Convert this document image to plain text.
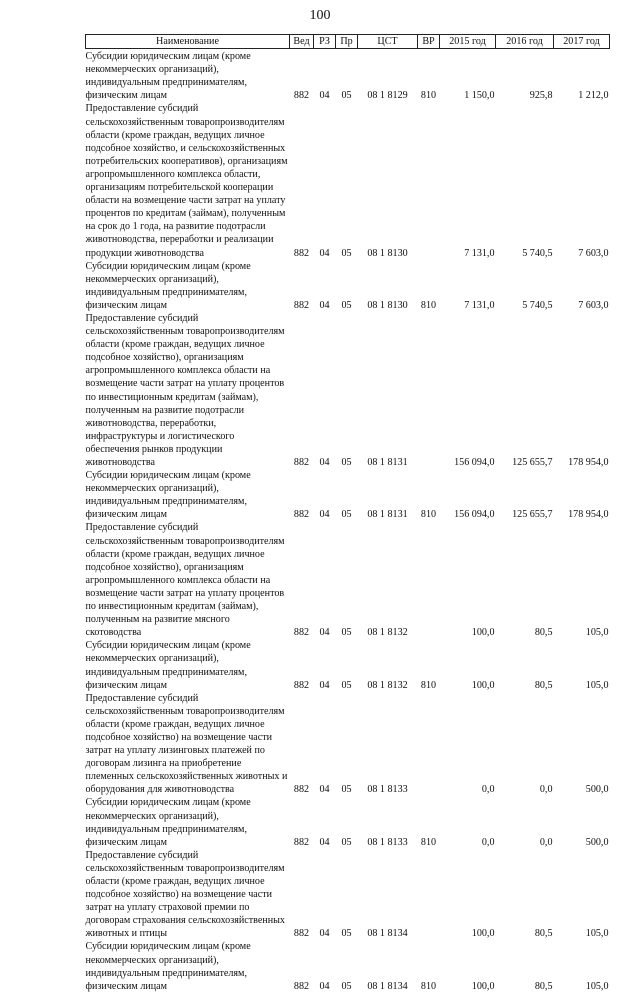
100
Наименование	Вед	РЗ	Пр	ЦСТ	ВР	2015 год	2016 год	2017 год
Субсидии юридическим лицам (кроме некоммерческих организаций), индивидуальным предпринимателям, физическим лицам	882	04	05	08 1 8129	810	1 150,0	925,8	1 212,0
Предоставление субсидий сельскохозяйственным товаропроизводителям области (кроме граждан, ведущих личное подсобное хозяйство, и сельскохозяйственных потребительских кооперативов), организациям агропромышленного комплекса области, организациям потребительской кооперации области на возмещение части затрат на уплату процентов по кредитам (займам), полученным на срок до 1 года, на развитие подотрасли животноводства, переработки и реализации продукции животноводства	882	04	05	08 1 8130		7 131,0	5 740,5	7 603,0
Субсидии юридическим лицам (кроме некоммерческих организаций), индивидуальным предпринимателям, физическим лицам	882	04	05	08 1 8130	810	7 131,0	5 740,5	7 603,0
Предоставление субсидий сельскохозяйственным товаропроизводителям области (кроме граждан, ведущих личное подсобное хозяйство), организациям агропромышленного комплекса области на возмещение части затрат на уплату процентов по инвестиционным кредитам (займам), полученным на развитие подотрасли животноводства, переработки, инфраструктуры и логистического обеспечения рынков продукции животноводства	882	04	05	08 1 8131		156 094,0	125 655,7	178 954,0
Субсидии юридическим лицам (кроме некоммерческих организаций), индивидуальным предпринимателям, физическим лицам	882	04	05	08 1 8131	810	156 094,0	125 655,7	178 954,0
Предоставление субсидий сельскохозяйственным товаропроизводителям области (кроме граждан, ведущих личное подсобное хозяйство), организациям агропромышленного комплекса области на возмещение части затрат на уплату процентов по инвестиционным кредитам (займам), полученным на развитие мясного скотоводства	882	04	05	08 1 8132		100,0	80,5	105,0
Субсидии юридическим лицам (кроме некоммерческих организаций), индивидуальным предпринимателям, физическим лицам	882	04	05	08 1 8132	810	100,0	80,5	105,0
Предоставление субсидий сельскохозяйственным товаропроизводителям области (кроме граждан, ведущих личное подсобное хозяйство) на возмещение части затрат на уплату лизинговых платежей по договорам лизинга на приобретение племенных сельскохозяйственных животных и оборудования для животноводства	882	04	05	08 1 8133		0,0	0,0	500,0
Субсидии юридическим лицам (кроме некоммерческих организаций), индивидуальным предпринимателям, физическим лицам	882	04	05	08 1 8133	810	0,0	0,0	500,0
Предоставление субсидий сельскохозяйственным товаропроизводителям области (кроме граждан, ведущих личное подсобное хозяйство) на возмещение части затрат на уплату страховой премии по договорам страхования сельскохозяйственных животных и птицы	882	04	05	08 1 8134		100,0	80,5	105,0
Субсидии юридическим лицам (кроме некоммерческих организаций), индивидуальным предпринимателям, физическим лицам	882	04	05	08 1 8134	810	100,0	80,5	105,0
